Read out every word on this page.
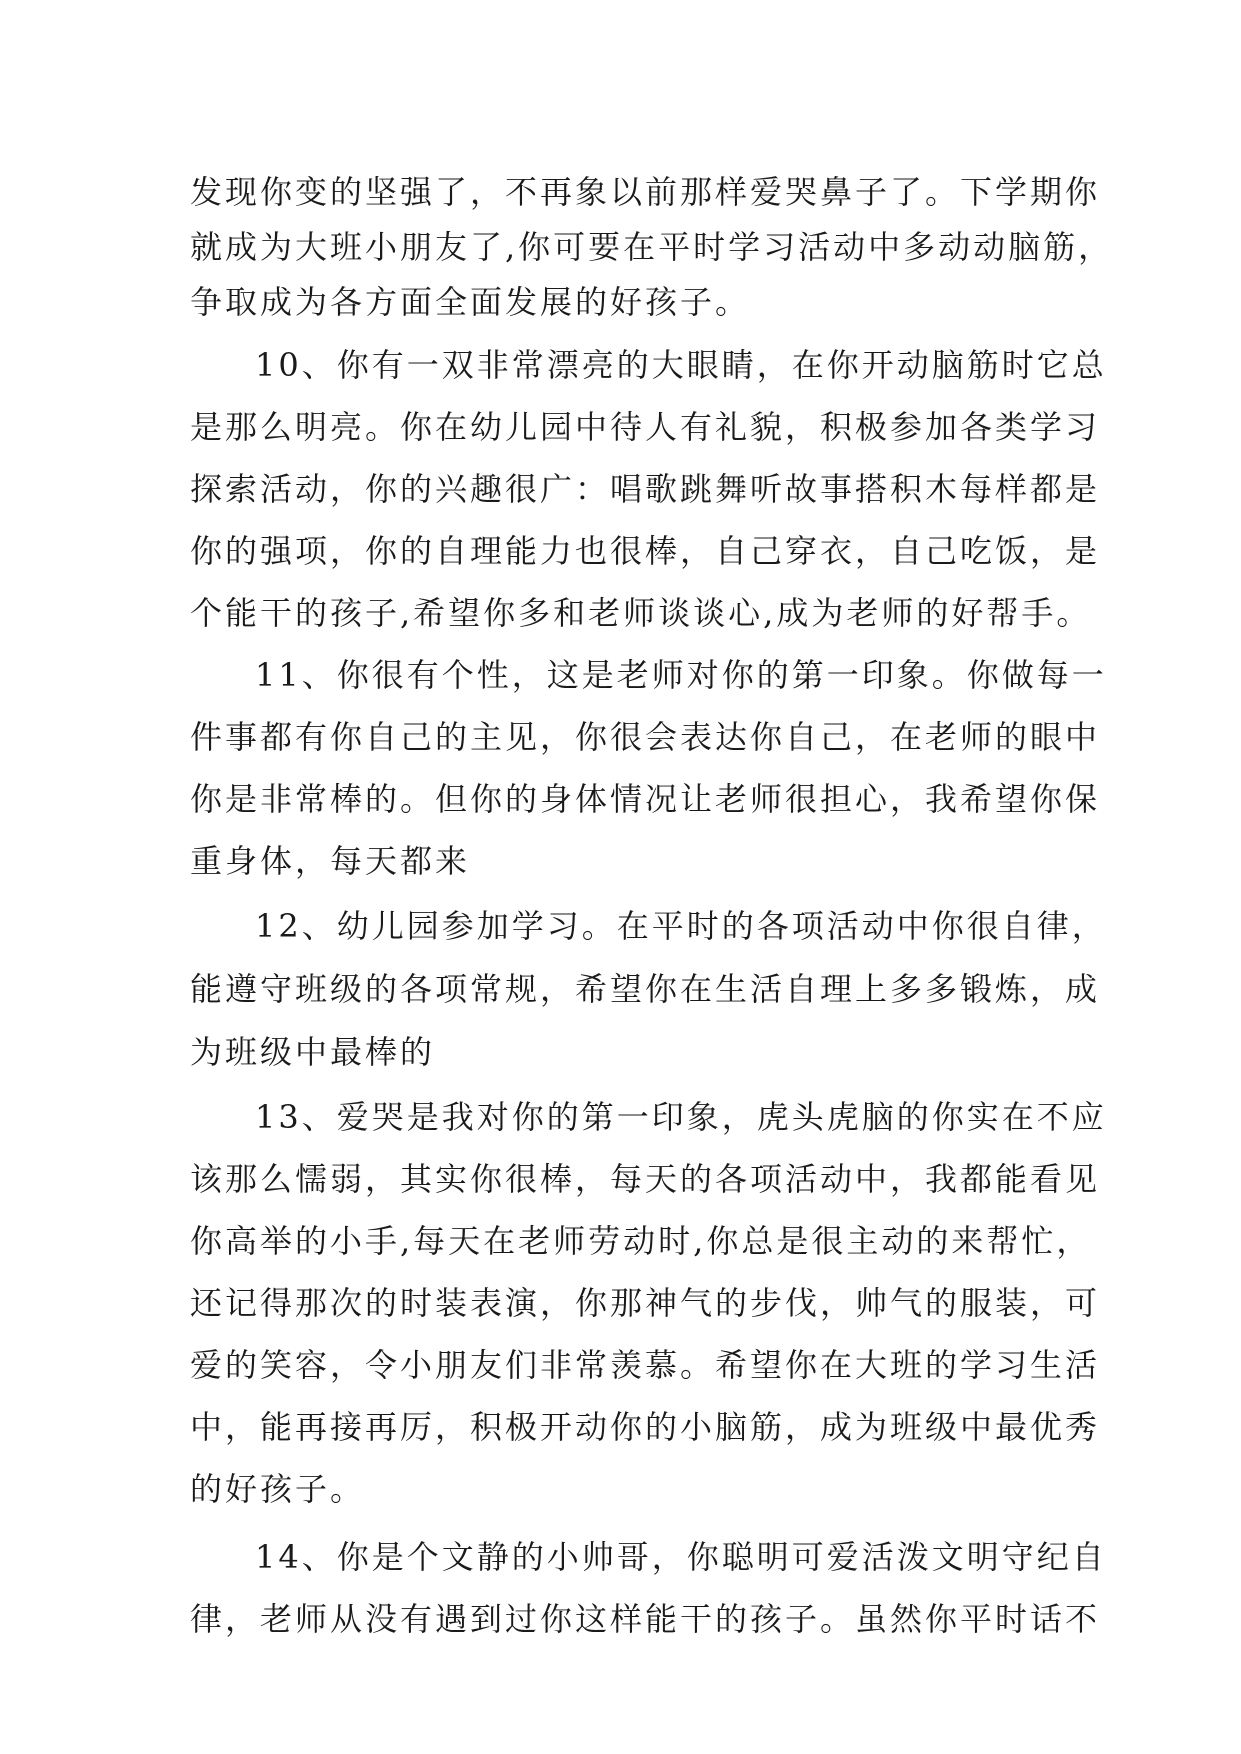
发现你变的坚强了，不再象以前那样爱哭鼻子了。下学期你
就成为大班小朋友了,你可要在平时学习活动中多动动脑筋，
争取成为各方面全面发展的好孩子。
10、你有一双非常漂亮的大眼睛，在你开动脑筋时它总
是那么明亮。你在幼儿园中待人有礼貌，积极参加各类学习
探索活动，你的兴趣很广：唱歌跳舞听故事搭积木每样都是
你的强项，你的自理能力也很棒，自己穿衣，自己吃饭，是
个能干的孩子,希望你多和老师谈谈心,成为老师的好帮手。
11、你很有个性，这是老师对你的第一印象。你做每一
件事都有你自己的主见，你很会表达你自己，在老师的眼中
你是非常棒的。但你的身体情况让老师很担心，我希望你保
重身体，每天都来
12、幼儿园参加学习。在平时的各项活动中你很自律，
能遵守班级的各项常规，希望你在生活自理上多多锻炼，成
为班级中最棒的
13、爱哭是我对你的第一印象，虎头虎脑的你实在不应
该那么懦弱，其实你很棒，每天的各项活动中，我都能看见
你高举的小手,每天在老师劳动时,你总是很主动的来帮忙，
还记得那次的时装表演，你那神气的步伐，帅气的服装，可
爱的笑容，令小朋友们非常羡慕。希望你在大班的学习生活
中，能再接再厉，积极开动你的小脑筋，成为班级中最优秀
的好孩子。
14、你是个文静的小帅哥，你聪明可爱活泼文明守纪自
律，老师从没有遇到过你这样能干的孩子。虽然你平时话不
